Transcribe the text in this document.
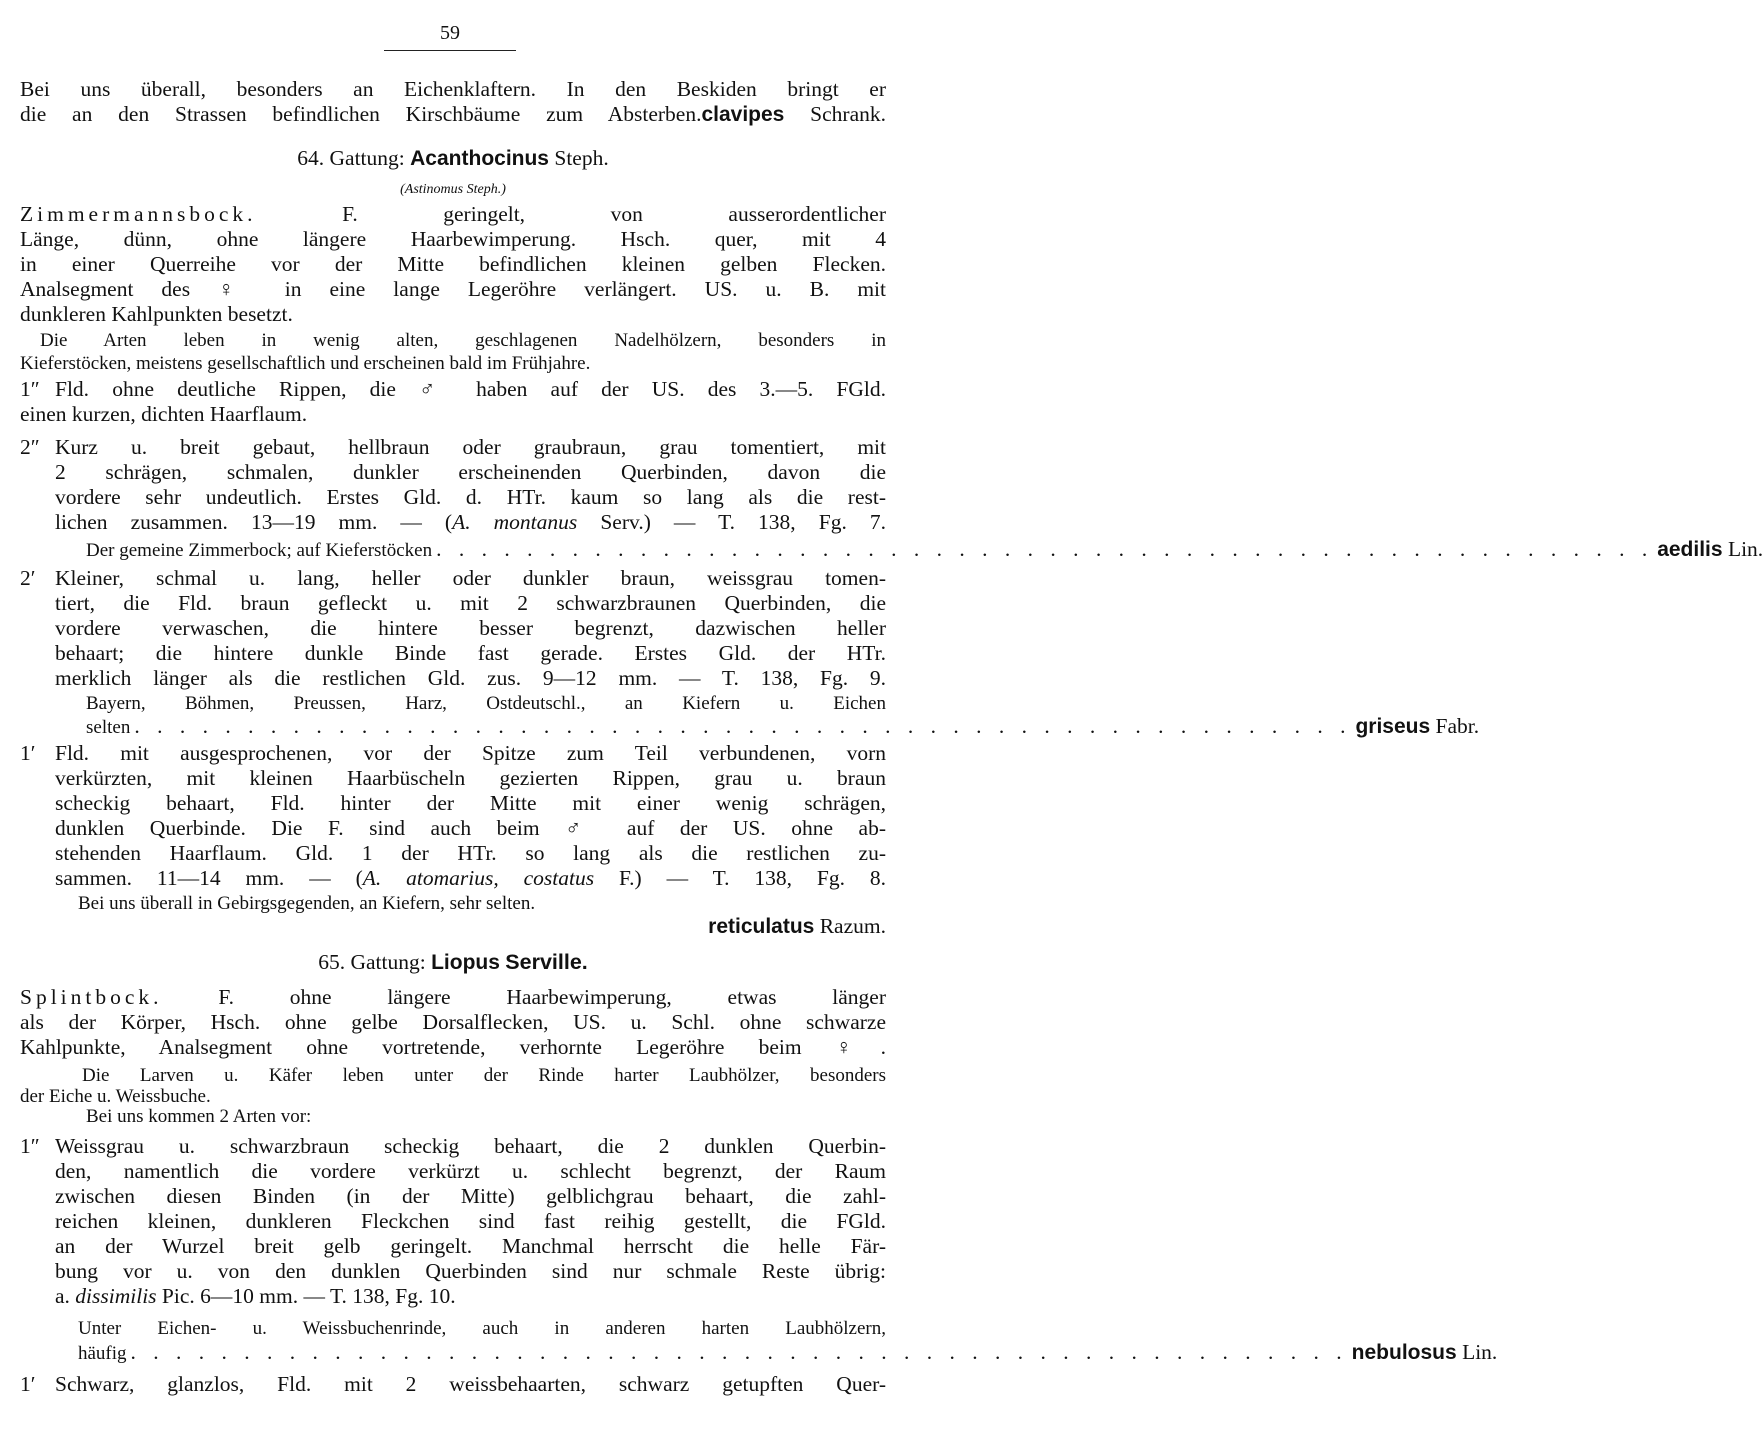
59
Bei uns überall, besonders an Eichenklaftern. In den Beskiden bringt er
die an den Strassen befindlichen Kirschbäume zum Absterben.clavipes Schrank.
64. Gattung: Acanthocinus Steph.
(Astinomus Steph.)
Zimmermannsbock.	F. geringelt, von ausserordentlicher
Länge, dünn, ohne längere Haarbewimperung. Hsch. quer, mit 4
in einer Querreihe vor der Mitte befindlichen kleinen gelben Flecken.
Analsegment des ♀ in eine lange Legeröhre verlängert. US. u. B. mit
dunkleren Kahlpunkten besetzt.
Die Arten leben in wenig alten, geschlagenen Nadelhölzern, besonders in
Kieferstöcken, meistens gesellschaftlich und erscheinen bald im Frühjahre.
1″ Fld. ohne deutliche Rippen, die ♂ haben auf der US. des 3.—5. FGld.
einen kurzen, dichten Haarflaum.
2″ Kurz u. breit gebaut, hellbraun oder graubraun, grau tomentiert, mit
2 schrägen, schmalen, dunkler erscheinenden Querbinden, davon die
vordere sehr undeutlich. Erstes Gld. d. HTr. kaum so lang als die rest-
lichen zusammen. 13—19 mm. — (A. montanus Serv.) — T. 138, Fg. 7.
Der gemeine Zimmerbock; auf Kieferstöcken . . . . . . . . . . . . . . . . . . . . . . . . . . . . . . . . . . . . . . . . . . . . . . . . . . . . . . aedilis Lin.
2′ Kleiner, schmal u. lang, heller oder dunkler braun, weissgrau tomen-
tiert, die Fld. braun gefleckt u. mit 2 schwarzbraunen Querbinden, die
vordere verwaschen, die hintere besser begrenzt, dazwischen heller
behaart; die hintere dunkle Binde fast gerade. Erstes Gld. der HTr.
merklich länger als die restlichen Gld. zus. 9—12 mm. — T. 138, Fg. 9.
Bayern, Böhmen, Preussen, Harz, Ostdeutschl., an Kiefern u. Eichen
selten . . . . . . . . . . . . . . . . . . . . . . . . . . . . . . . . . . . . . . . . . . . . . . . . . . . . . . griseus Fabr.
1′ Fld. mit ausgesprochenen, vor der Spitze zum Teil verbundenen, vorn
verkürzten, mit kleinen Haarbüscheln gezierten Rippen, grau u. braun
scheckig behaart, Fld. hinter der Mitte mit einer wenig schrägen,
dunklen Querbinde. Die F. sind auch beim ♂ auf der US. ohne ab-
stehenden Haarflaum. Gld. 1 der HTr. so lang als die restlichen zu-
sammen. 11—14 mm. — (A. atomarius, costatus F.) — T. 138, Fg. 8.
Bei uns überall in Gebirgsgegenden, an Kiefern, sehr selten.
reticulatus Razum.
65. Gattung: Liopus Serville.
Splintbock.	F. ohne längere Haarbewimperung, etwas länger
als der Körper, Hsch. ohne gelbe Dorsalflecken, US. u. Schl. ohne schwarze
Kahlpunkte, Analsegment ohne vortretende, verhornte Legeröhre beim ♀.
Die Larven u. Käfer leben unter der Rinde harter Laubhölzer, besonders
der Eiche u. Weissbuche.
Bei uns kommen 2 Arten vor:
1″ Weissgrau u. schwarzbraun scheckig behaart, die 2 dunklen Querbin-
den, namentlich die vordere verkürzt u. schlecht begrenzt, der Raum
zwischen diesen Binden (in der Mitte) gelblichgrau behaart, die zahl-
reichen kleinen, dunkleren Fleckchen sind fast reihig gestellt, die FGld.
an der Wurzel breit gelb geringelt. Manchmal herrscht die helle Fär-
bung vor u. von den dunklen Querbinden sind nur schmale Reste übrig:
a. dissimilis Pic. 6—10 mm. — T. 138, Fg. 10.
Unter Eichen- u. Weissbuchenrinde, auch in anderen harten Laubhölzern,
häufig . . . . . . . . . . . . . . . . . . . . . . . . . . . . . . . . . . . . . . . . . . . . . . . . . . . . . . nebulosus Lin.
1′ Schwarz, glanzlos, Fld. mit 2 weissbehaarten, schwarz getupften Quer-
